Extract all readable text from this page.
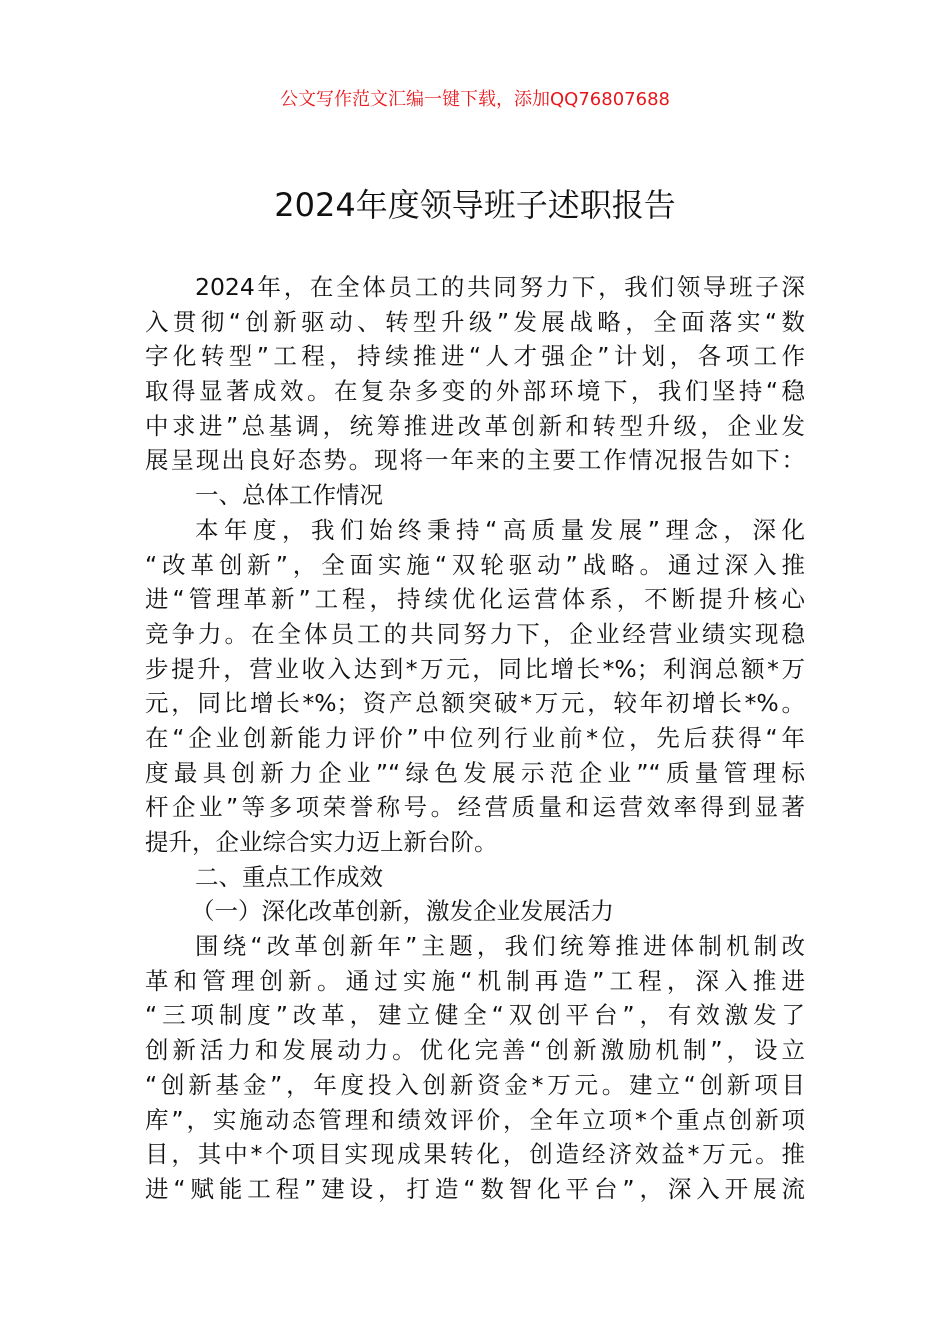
公文写作范文汇编一键下载，添加QQ76807688
2024年度领导班子述职报告
2024年，在全体员工的共同努力下，我们领导班子深
入贯彻“创新驱动、转型升级”发展战略，全面落实“数
字化转型”工程，持续推进“人才强企”计划，各项工作
取得显著成效。在复杂多变的外部环境下，我们坚持“稳
中求进”总基调，统筹推进改革创新和转型升级，企业发
展呈现出良好态势。现将一年来的主要工作情况报告如下：
一、总体工作情况
本年度，我们始终秉持“高质量发展”理念，深化
“改革创新”，全面实施“双轮驱动”战略。通过深入推
进“管理革新”工程，持续优化运营体系，不断提升核心
竞争力。在全体员工的共同努力下，企业经营业绩实现稳
步提升，营业收入达到*万元，同比增长*%；利润总额*万
元，同比增长*%；资产总额突破*万元，较年初增长*%。
在“企业创新能力评价”中位列行业前*位，先后获得“年
度最具创新力企业”“绿色发展示范企业”“质量管理标
杆企业”等多项荣誉称号。经营质量和运营效率得到显著
提升，企业综合实力迈上新台阶。
二、重点工作成效
（一）深化改革创新，激发企业发展活力
围绕“改革创新年”主题，我们统筹推进体制机制改
革和管理创新。通过实施“机制再造”工程，深入推进
“三项制度”改革，建立健全“双创平台”，有效激发了
创新活力和发展动力。优化完善“创新激励机制”，设立
“创新基金”，年度投入创新资金*万元。建立“创新项目
库”，实施动态管理和绩效评价，全年立项*个重点创新项
目，其中*个项目实现成果转化，创造经济效益*万元。推
进“赋能工程”建设，打造“数智化平台”，深入开展流
